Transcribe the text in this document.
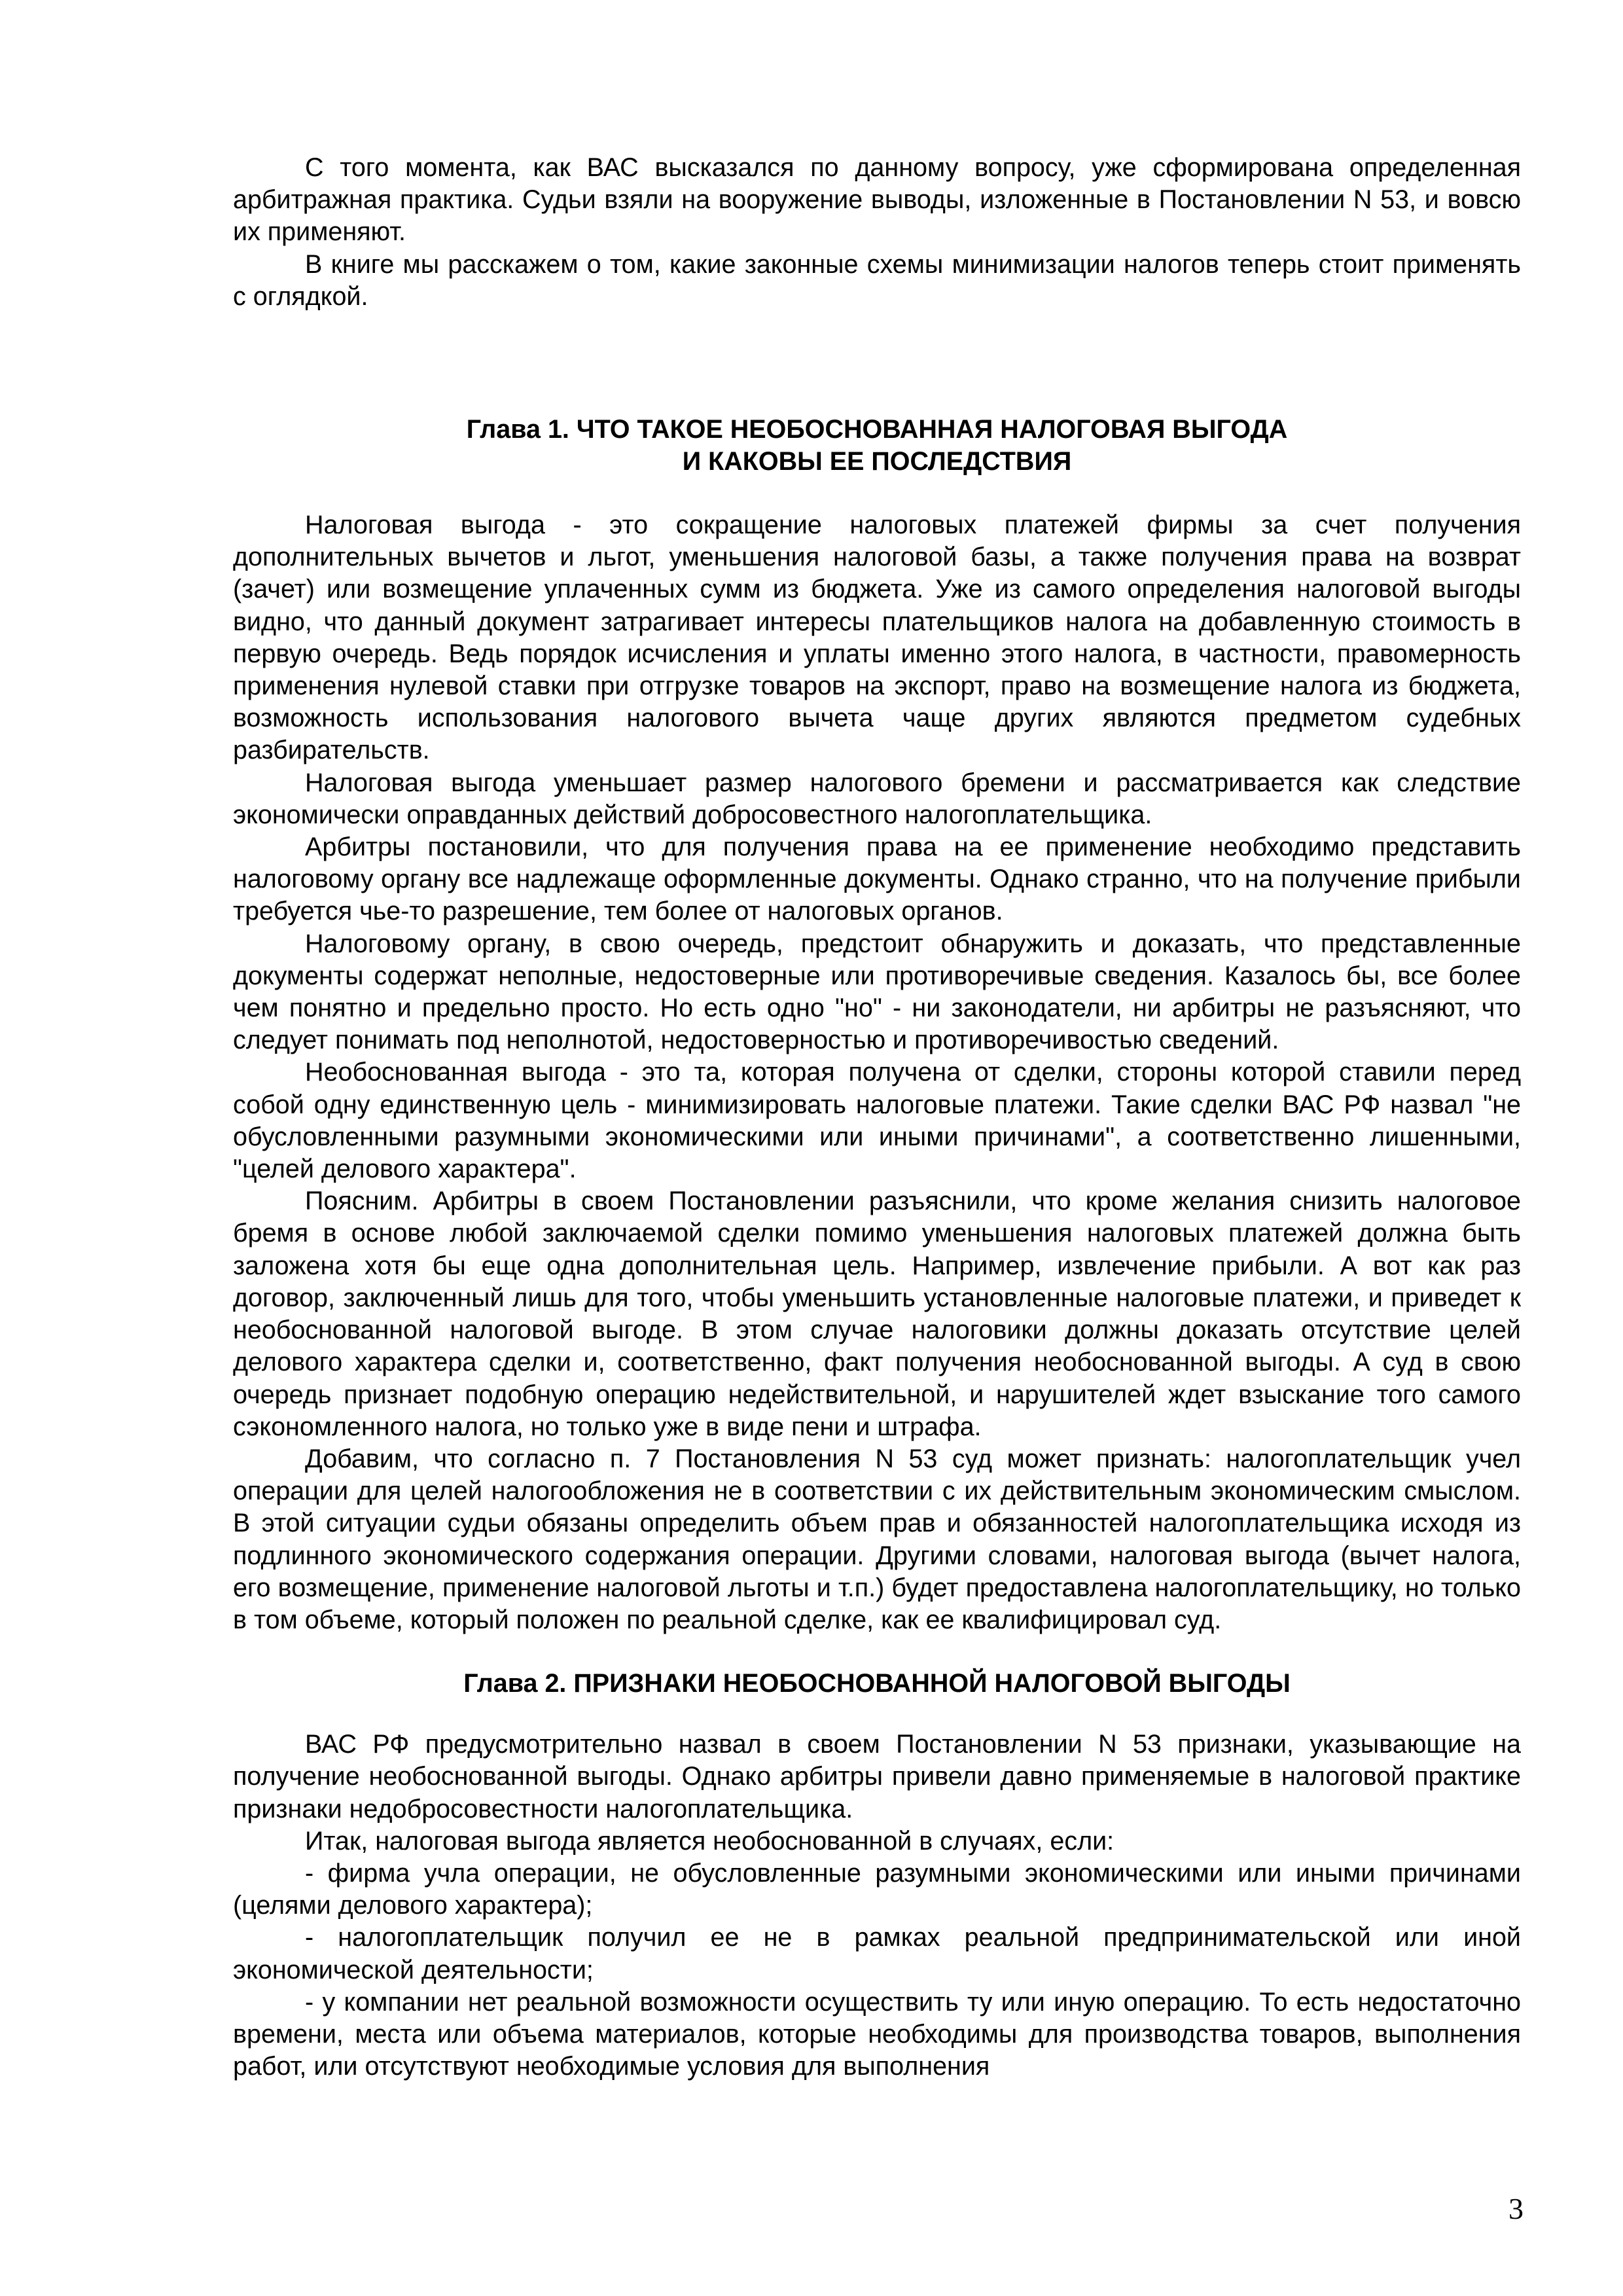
С того момента, как ВАС высказался по данному вопросу, уже сформирована определенная арбитражная практика. Судьи взяли на вооружение выводы, изложенные в Постановлении N 53, и вовсю их применяют.

В книге мы расскажем о том, какие законные схемы минимизации налогов теперь стоит применять с оглядкой.

Глава 1. ЧТО ТАКОЕ НЕОБОСНОВАННАЯ НАЛОГОВАЯ ВЫГОДА
И КАКОВЫ ЕЕ ПОСЛЕДСТВИЯ

Налоговая выгода - это сокращение налоговых платежей фирмы за счет получения дополнительных вычетов и льгот, уменьшения налоговой базы, а также получения права на возврат (зачет) или возмещение уплаченных сумм из бюджета. Уже из самого определения налоговой выгоды видно, что данный документ затрагивает интересы плательщиков налога на добавленную стоимость в первую очередь. Ведь порядок исчисления и уплаты именно этого налога, в частности, правомерность применения нулевой ставки при отгрузке товаров на экспорт, право на возмещение налога из бюджета, возможность использования налогового вычета чаще других являются предметом судебных разбирательств.

Налоговая выгода уменьшает размер налогового бремени и рассматривается как следствие экономически оправданных действий добросовестного налогоплательщика.

Арбитры постановили, что для получения права на ее применение необходимо представить налоговому органу все надлежаще оформленные документы. Однако странно, что на получение прибыли требуется чье-то разрешение, тем более от налоговых органов.

Налоговому органу, в свою очередь, предстоит обнаружить и доказать, что представленные документы содержат неполные, недостоверные или противоречивые сведения. Казалось бы, все более чем понятно и предельно просто. Но есть одно "но" - ни законодатели, ни арбитры не разъясняют, что следует понимать под неполнотой, недостоверностью и противоречивостью сведений.

Необоснованная выгода - это та, которая получена от сделки, стороны которой ставили перед собой одну единственную цель - минимизировать налоговые платежи. Такие сделки ВАС РФ назвал "не обусловленными разумными экономическими или иными причинами", а соответственно лишенными, "целей делового характера".

Поясним. Арбитры в своем Постановлении разъяснили, что кроме желания снизить налоговое бремя в основе любой заключаемой сделки помимо уменьшения налоговых платежей должна быть заложена хотя бы еще одна дополнительная цель. Например, извлечение прибыли. А вот как раз договор, заключенный лишь для того, чтобы уменьшить установленные налоговые платежи, и приведет к необоснованной налоговой выгоде. В этом случае налоговики должны доказать отсутствие целей делового характера сделки и, соответственно, факт получения необоснованной выгоды. А суд в свою очередь признает подобную операцию недействительной, и нарушителей ждет взыскание того самого сэкономленного налога, но только уже в виде пени и штрафа.

Добавим, что согласно п. 7 Постановления N 53 суд может признать: налогоплательщик учел операции для целей налогообложения не в соответствии с их действительным экономическим смыслом. В этой ситуации судьи обязаны определить объем прав и обязанностей налогоплательщика исходя из подлинного экономического содержания операции. Другими словами, налоговая выгода (вычет налога, его возмещение, применение налоговой льготы и т.п.) будет предоставлена налогоплательщику, но только в том объеме, который положен по реальной сделке, как ее квалифицировал суд.

Глава 2. ПРИЗНАКИ НЕОБОСНОВАННОЙ НАЛОГОВОЙ ВЫГОДЫ

ВАС РФ предусмотрительно назвал в своем Постановлении N 53 признаки, указывающие на получение необоснованной выгоды. Однако арбитры привели давно применяемые в налоговой практике признаки недобросовестности налогоплательщика.

Итак, налоговая выгода является необоснованной в случаях, если:

- фирма учла операции, не обусловленные разумными экономическими или иными причинами (целями делового характера);

- налогоплательщик получил ее не в рамках реальной предпринимательской или иной экономической деятельности;

- у компании нет реальной возможности осуществить ту или иную операцию. То есть недостаточно времени, места или объема материалов, которые необходимы для производства товаров, выполнения работ, или отсутствуют необходимые условия для выполнения

3
